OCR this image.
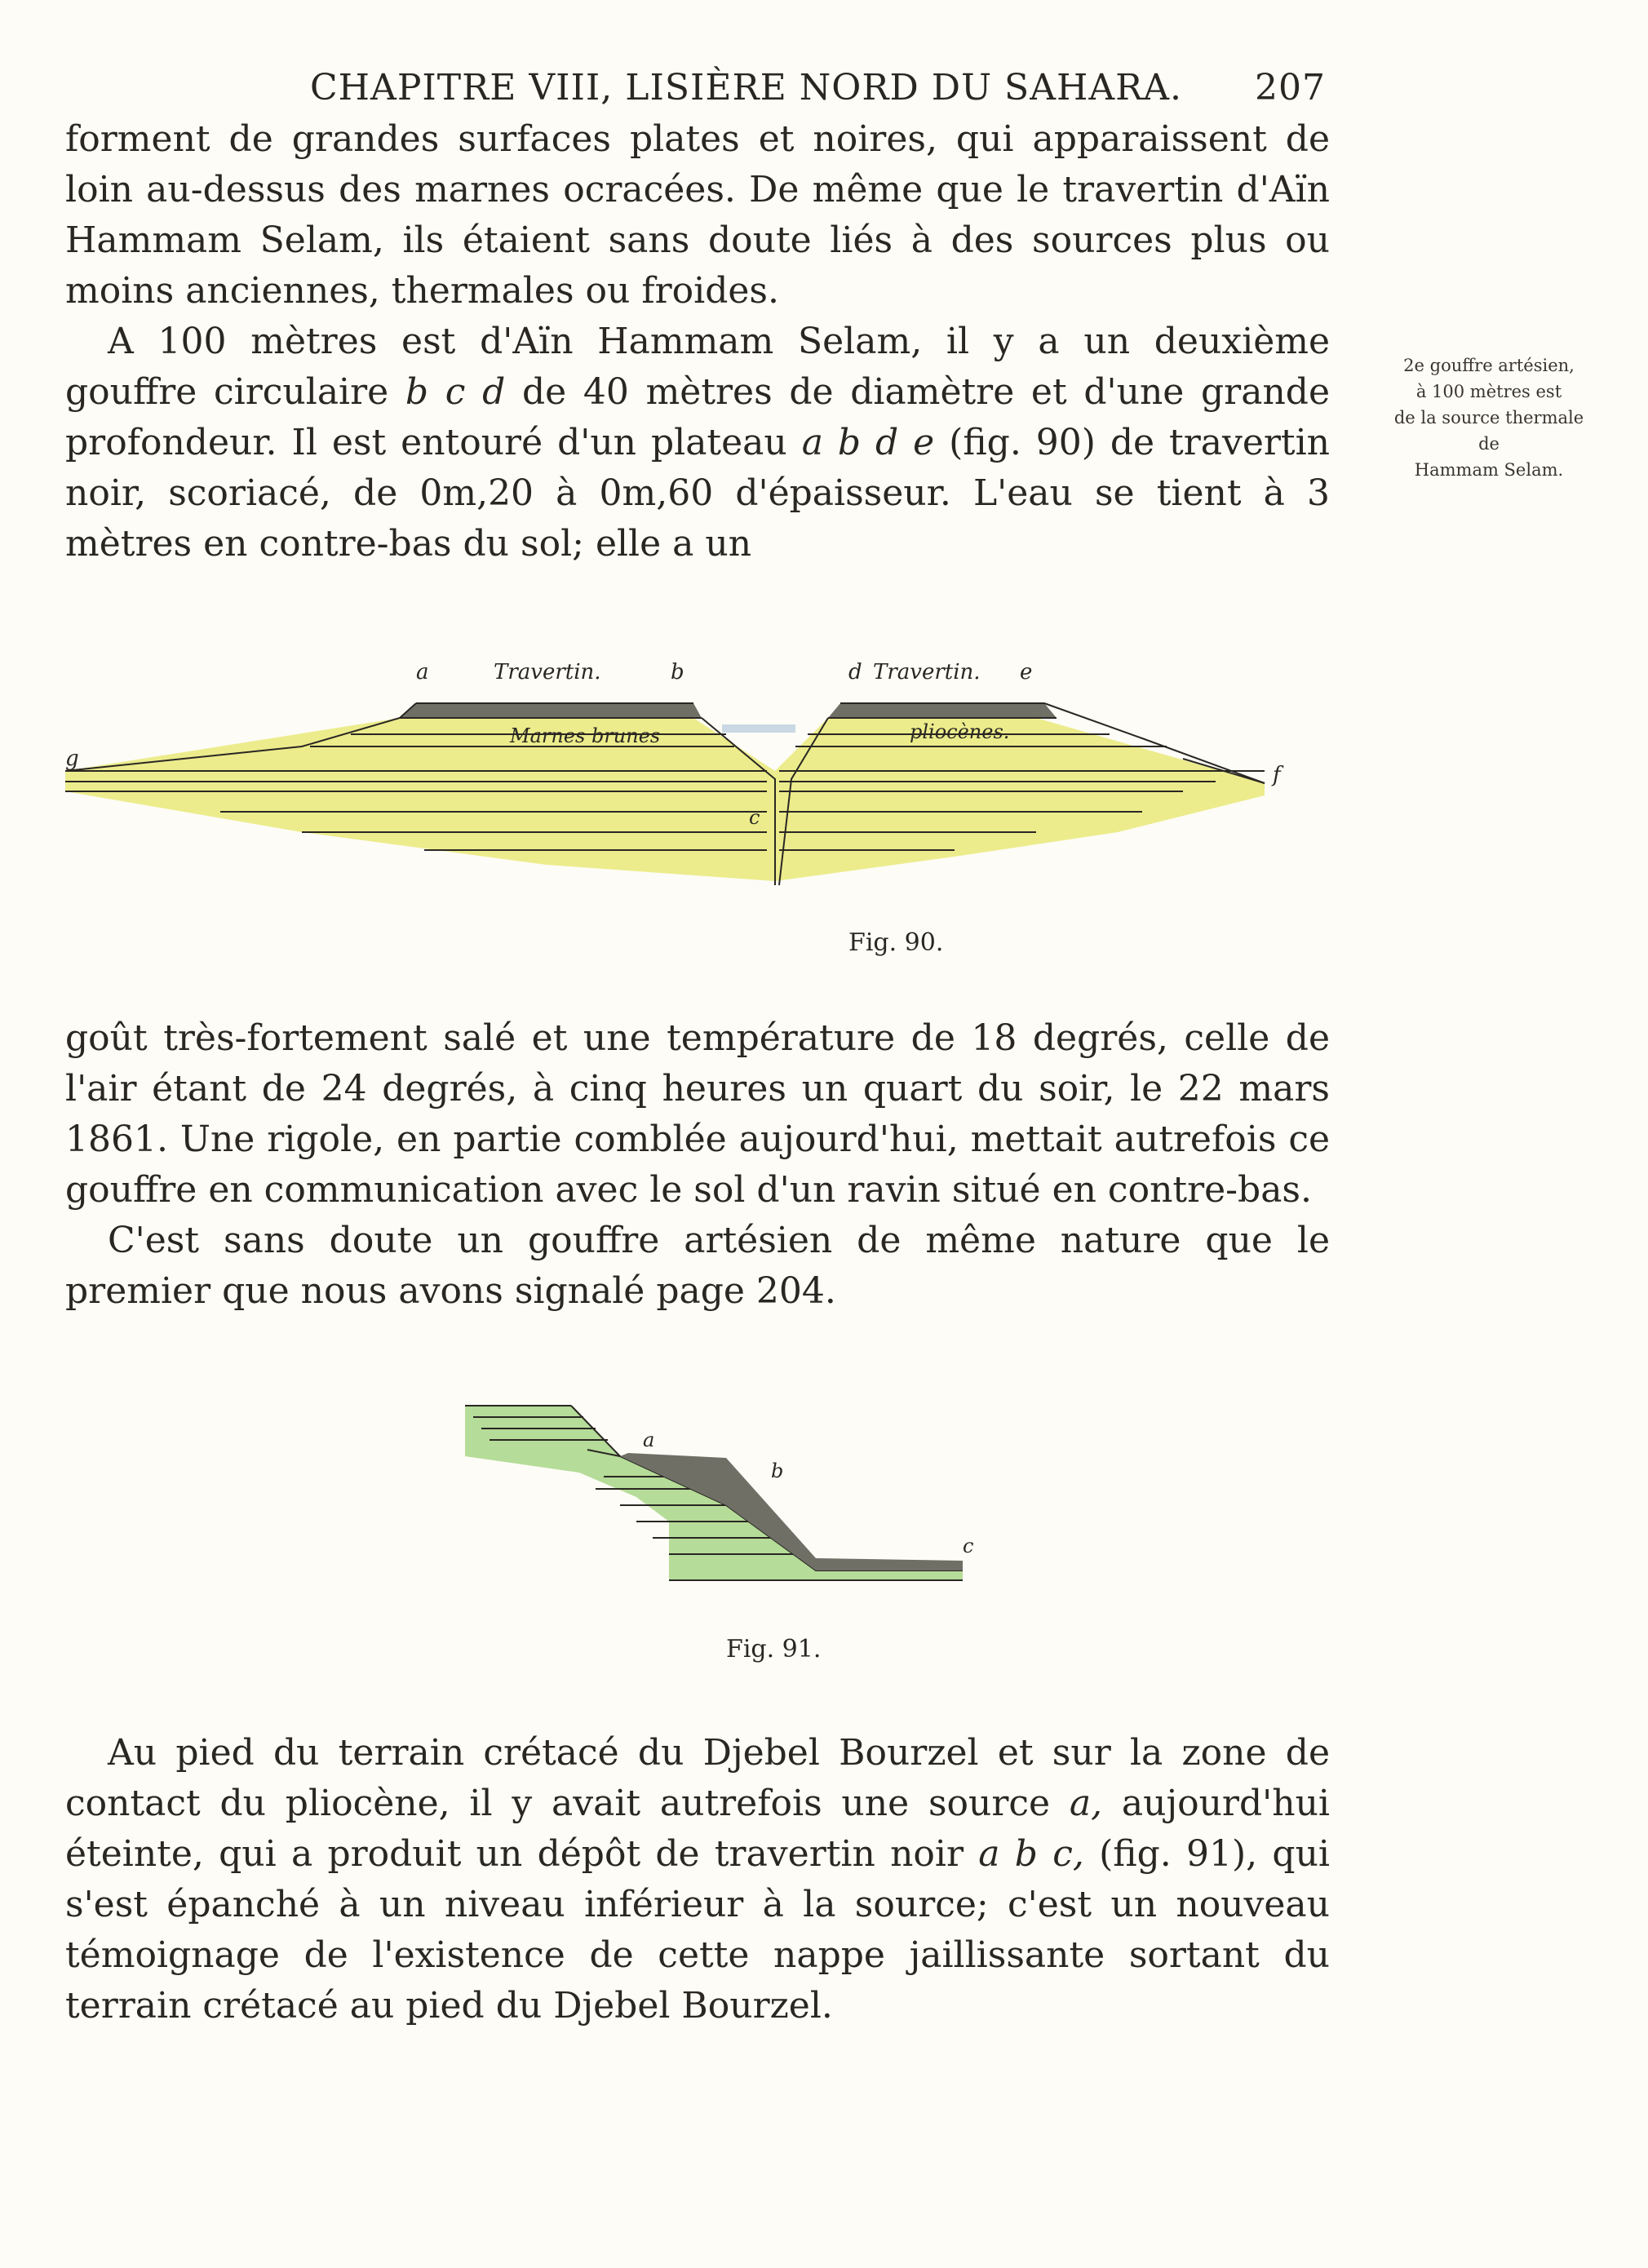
CHAPITRE VIII, LISIÈRE NORD DU SAHARA. 207

forment de grandes surfaces plates et noires, qui apparaissent de loin au-dessus des marnes ocracées. De même que le travertin d'Aïn Hammam Selam, ils étaient sans doute liés à des sources plus ou moins anciennes, thermales ou froides.
A 100 mètres est d'Aïn Hammam Selam, il y a un deuxième gouffre circulaire b c d de 40 mètres de diamètre et d'une grande profondeur. Il est entouré d'un plateau a b d e (fig. 90) de travertin noir, scoriacé, de 0m,20 à 0m,60 d'épaisseur. L'eau se tient à 3 mètres en contre-bas du sol; elle a un

2e gouffre artésien,
à 100 mètres est
de la source thermale
de
Hammam Selam.
a	Travertin.	b	d Travertin. e
g
Marnes brunes	pliocènes.
f
c
Fig. 90.

goût très-fortement salé et une température de 18 degrés, celle de l'air étant de 24 degrés, à cinq heures un quart du soir, le 22 mars 1861. Une rigole, en partie comblée aujourd'hui, mettait autrefois ce gouffre en communication avec le sol d'un ravin situé en contre-bas.
C'est sans doute un gouffre artésien de même nature que le premier que nous avons signalé page 204.

a
b
c
Fig. 91.

Au pied du terrain crétacé du Djebel Bourzel et sur la zone de contact du pliocène, il y avait autrefois une source a, aujourd'hui éteinte, qui a produit un dépôt de travertin noir a b c, (fig. 91), qui s'est épanché à un niveau inférieur à la source; c'est un nouveau témoignage de l'existence de cette nappe jaillissante sortant du terrain crétacé au pied du Djebel Bourzel.
